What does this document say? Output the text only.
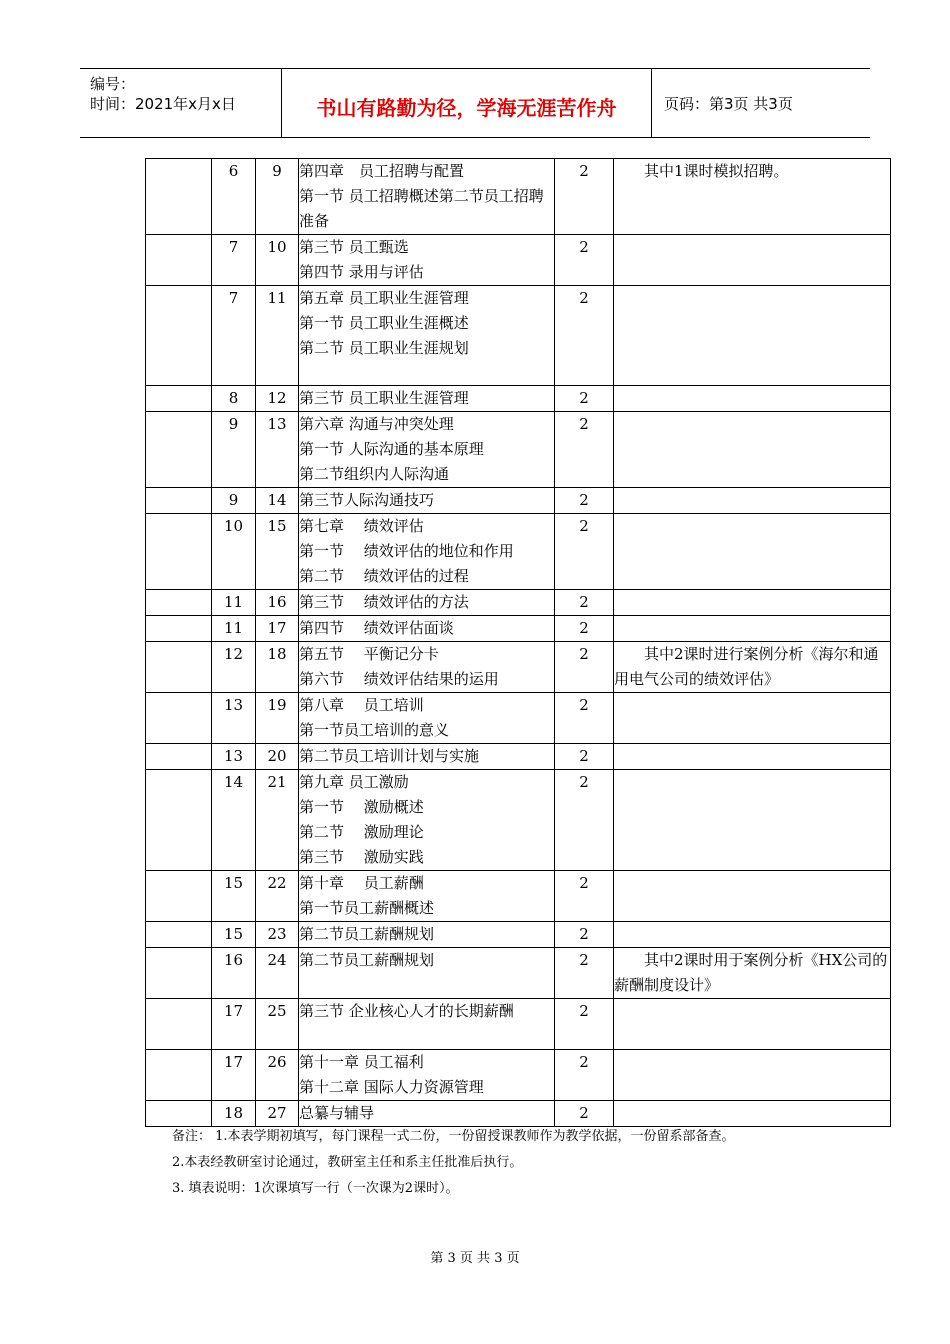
编号：
时间：2021年x月x日	书山有路勤为径，学海无涯苦作舟	页码：第3页 共3页
	6	9	第四章　员工招聘与配置
第一节 员工招聘概述第二节员工招聘准备	2	其中1课时模拟招聘。
	7	10	第三节 员工甄选
第四节 录用与评估	2	
	7	11	第五章 员工职业生涯管理
第一节 员工职业生涯概述
第二节 员工职业生涯规划	2	
	8	12	第三节 员工职业生涯管理	2	
	9	13	第六章 沟通与冲突处理
第一节 人际沟通的基本原理
第二节组织内人际沟通	2	
	9	14	第三节人际沟通技巧	2	
	10	15	第七章　 绩效评估
第一节　 绩效评估的地位和作用
第二节　 绩效评估的过程	2	
	11	16	第三节　 绩效评估的方法	2	
	11	17	第四节　 绩效评估面谈	2	
	12	18	第五节　 平衡记分卡
第六节　 绩效评估结果的运用	2	其中2课时进行案例分析《海尔和通用电气公司的绩效评估》
	13	19	第八章　 员工培训
第一节员工培训的意义	2	
	13	20	第二节员工培训计划与实施	2	
	14	21	第九章 员工激励
第一节　 激励概述
第二节　 激励理论
第三节　 激励实践	2	
	15	22	第十章　 员工薪酬
第一节员工薪酬概述	2	
	15	23	第二节员工薪酬规划	2	
	16	24	第二节员工薪酬规划	2	其中2课时用于案例分析《HX公司的薪酬制度设计》
	17	25	第三节 企业核心人才的长期薪酬	2	
	17	26	第十一章 员工福利
第十二章 国际人力资源管理	2	
	18	27	总纂与辅导	2	
备注： 1.本表学期初填写，每门课程一式二份，一份留授课教师作为教学依据，一份留系部备查。
2.本表经教研室讨论通过，教研室主任和系主任批准后执行。
3. 填表说明：1次课填写一行（一次课为2课时）。
第 3 页 共 3 页
